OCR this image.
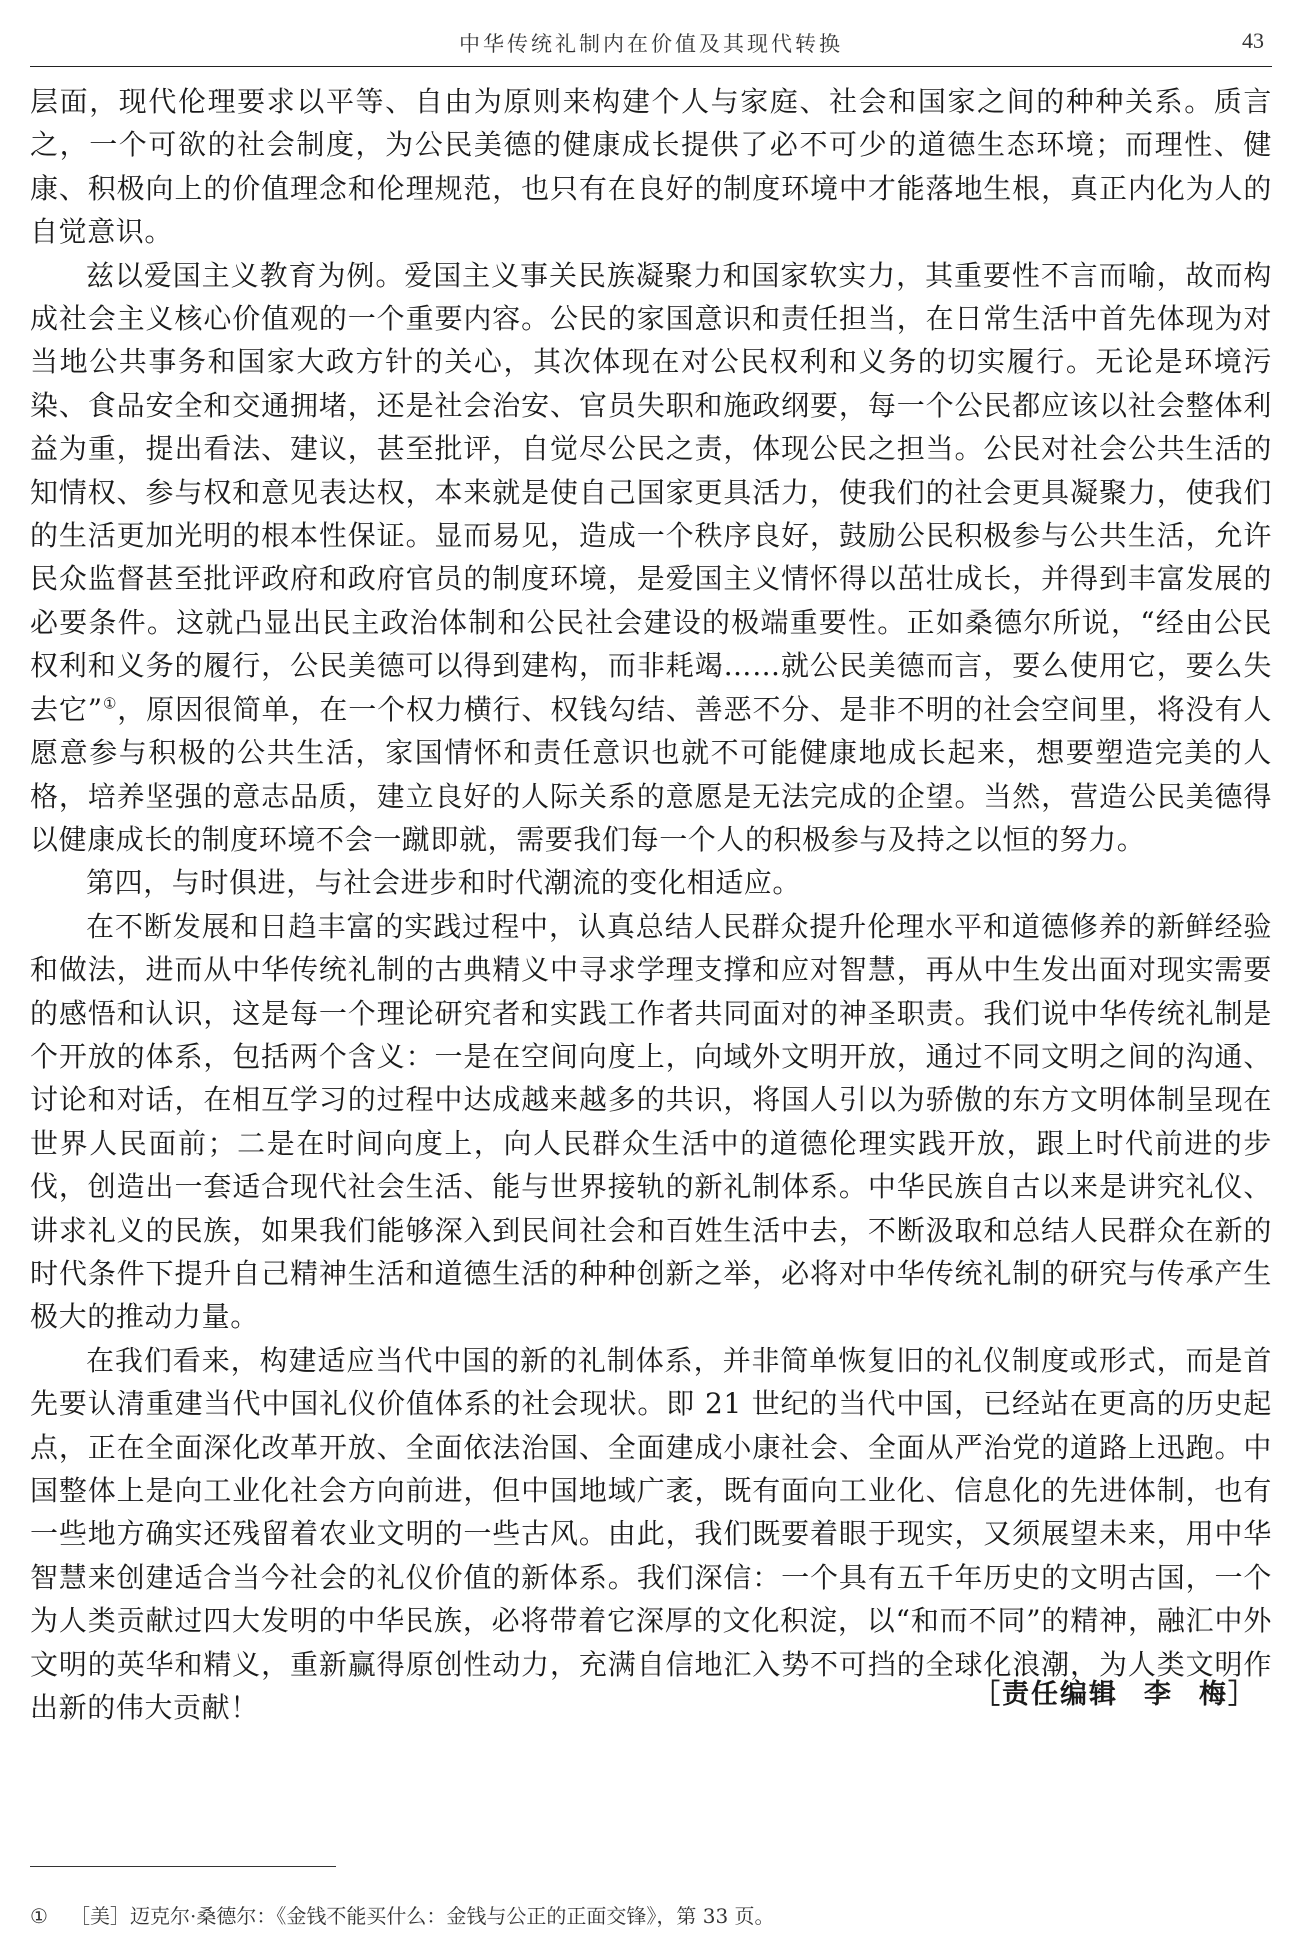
中华传统礼制内在价值及其现代转换	43

层面，现代伦理要求以平等、自由为原则来构建个人与家庭、社会和国家之间的种种关系。质言之，一个可欲的社会制度，为公民美德的健康成长提供了必不可少的道德生态环境；而理性、健康、积极向上的价值理念和伦理规范，也只有在良好的制度环境中才能落地生根，真正内化为人的自觉意识。

兹以爱国主义教育为例。爱国主义事关民族凝聚力和国家软实力，其重要性不言而喻，故而构成社会主义核心价值观的一个重要内容。公民的家国意识和责任担当，在日常生活中首先体现为对当地公共事务和国家大政方针的关心，其次体现在对公民权利和义务的切实履行。无论是环境污染、食品安全和交通拥堵，还是社会治安、官员失职和施政纲要，每一个公民都应该以社会整体利益为重，提出看法、建议，甚至批评，自觉尽公民之责，体现公民之担当。公民对社会公共生活的知情权、参与权和意见表达权，本来就是使自己国家更具活力，使我们的社会更具凝聚力，使我们的生活更加光明的根本性保证。显而易见，造成一个秩序良好，鼓励公民积极参与公共生活，允许民众监督甚至批评政府和政府官员的制度环境，是爱国主义情怀得以茁壮成长，并得到丰富发展的必要条件。这就凸显出民主政治体制和公民社会建设的极端重要性。正如桑德尔所说，“经由公民权利和义务的履行，公民美德可以得到建构，而非耗竭……就公民美德而言，要么使用它，要么失去它”①，原因很简单，在一个权力横行、权钱勾结、善恶不分、是非不明的社会空间里，将没有人愿意参与积极的公共生活，家国情怀和责任意识也就不可能健康地成长起来，想要塑造完美的人格，培养坚强的意志品质，建立良好的人际关系的意愿是无法完成的企望。当然，营造公民美德得以健康成长的制度环境不会一蹴即就，需要我们每一个人的积极参与及持之以恒的努力。

第四，与时俱进，与社会进步和时代潮流的变化相适应。

在不断发展和日趋丰富的实践过程中，认真总结人民群众提升伦理水平和道德修养的新鲜经验和做法，进而从中华传统礼制的古典精义中寻求学理支撑和应对智慧，再从中生发出面对现实需要的感悟和认识，这是每一个理论研究者和实践工作者共同面对的神圣职责。我们说中华传统礼制是个开放的体系，包括两个含义：一是在空间向度上，向域外文明开放，通过不同文明之间的沟通、讨论和对话，在相互学习的过程中达成越来越多的共识，将国人引以为骄傲的东方文明体制呈现在世界人民面前；二是在时间向度上，向人民群众生活中的道德伦理实践开放，跟上时代前进的步伐，创造出一套适合现代社会生活、能与世界接轨的新礼制体系。中华民族自古以来是讲究礼仪、讲求礼义的民族，如果我们能够深入到民间社会和百姓生活中去，不断汲取和总结人民群众在新的时代条件下提升自己精神生活和道德生活的种种创新之举，必将对中华传统礼制的研究与传承产生极大的推动力量。

在我们看来，构建适应当代中国的新的礼制体系，并非简单恢复旧的礼仪制度或形式，而是首先要认清重建当代中国礼仪价值体系的社会现状。即 21 世纪的当代中国，已经站在更高的历史起点，正在全面深化改革开放、全面依法治国、全面建成小康社会、全面从严治党的道路上迅跑。中国整体上是向工业化社会方向前进，但中国地域广袤，既有面向工业化、信息化的先进体制，也有一些地方确实还残留着农业文明的一些古风。由此，我们既要着眼于现实，又须展望未来，用中华智慧来创建适合当今社会的礼仪价值的新体系。我们深信：一个具有五千年历史的文明古国，一个为人类贡献过四大发明的中华民族，必将带着它深厚的文化积淀，以“和而不同”的精神，融汇中外文明的英华和精义，重新赢得原创性动力，充满自信地汇入势不可挡的全球化浪潮，为人类文明作出新的伟大贡献！	［责任编辑 李 梅］
① ［美］迈克尔·桑德尔：《金钱不能买什么：金钱与公正的正面交锋》，第 33 页。
